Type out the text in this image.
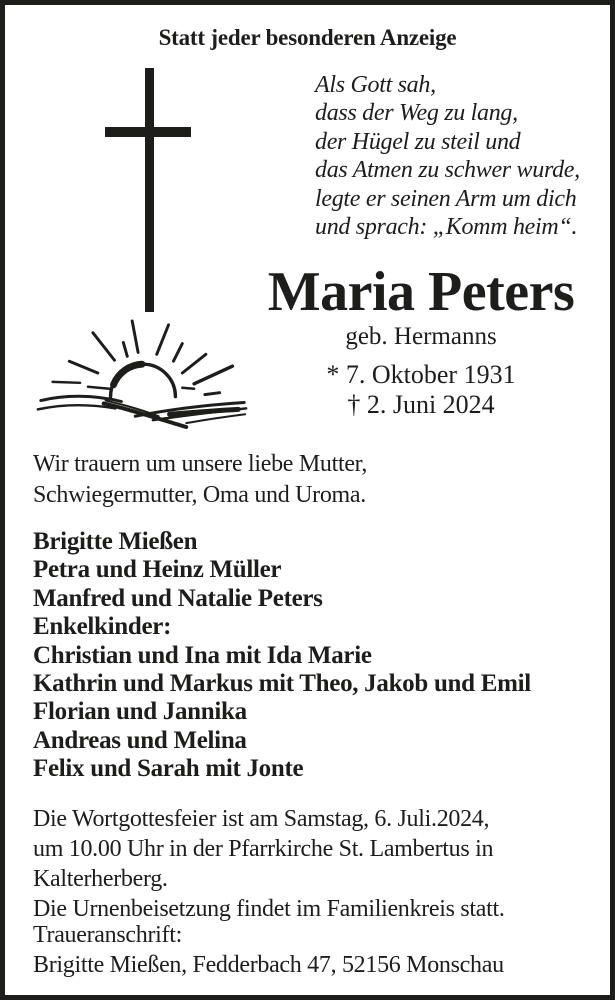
Statt jeder besonderen Anzeige
Als Gott sah,
dass der Weg zu lang,
der Hügel zu steil und
das Atmen zu schwer wurde,
legte er seinen Arm um dich
und sprach: „Komm heim“.
Maria Peters
geb. Hermanns
* 7. Oktober 1931
† 2. Juni 2024
Wir trauern um unsere liebe Mutter,
Schwiegermutter, Oma und Uroma.
Brigitte Mießen
Petra und Heinz Müller
Manfred und Natalie Peters
Enkelkinder:
Christian und Ina mit Ida Marie
Kathrin und Markus mit Theo, Jakob und Emil
Florian und Jannika
Andreas und Melina
Felix und Sarah mit Jonte
Die Wortgottesfeier ist am Samstag, 6. Juli.2024,
um 10.00 Uhr in der Pfarrkirche St. Lambertus in
Kalterherberg.
Die Urnenbeisetzung findet im Familienkreis statt.
Traueranschrift:
Brigitte Mießen, Fedderbach 47, 52156 Monschau
